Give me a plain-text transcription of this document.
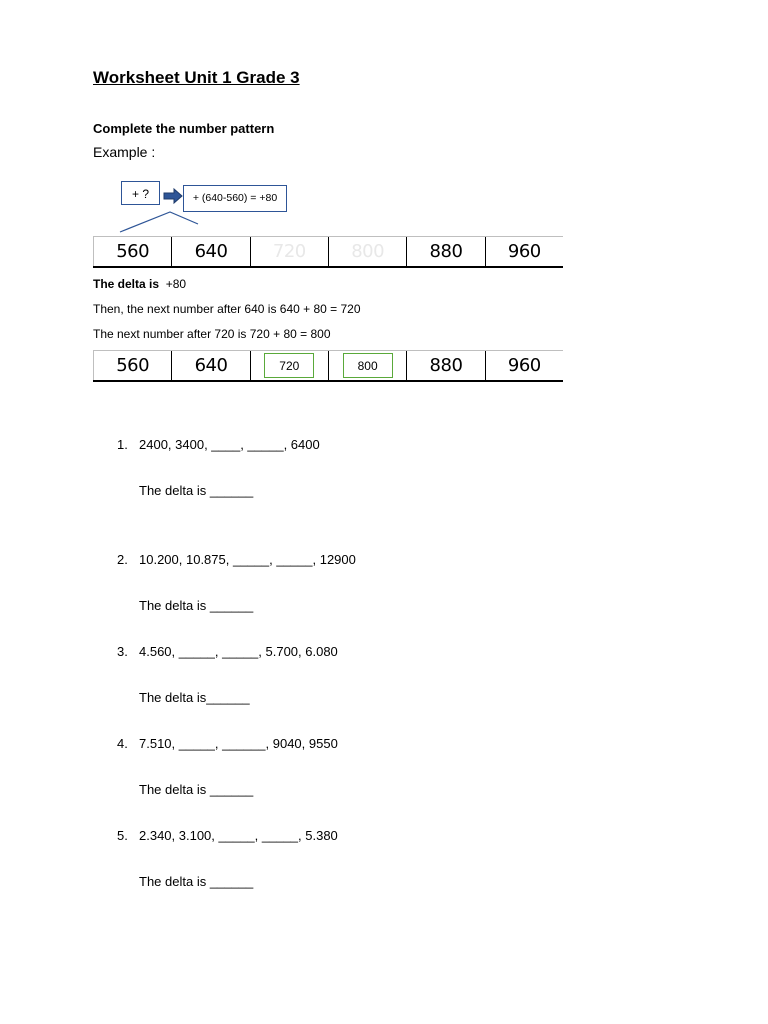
Worksheet Unit 1 Grade 3
Complete the number pattern
Example :
+ ?	+ (640-560) = +80
560	640	720	800	880	960
The delta is +80
Then, the next number after 640 is 640 + 80 = 720
The next number after 720 is 720 + 80 = 800
560	640	720	800	880	960
1. 2400, 3400, ____, _____, 6400
The delta is ______
2. 10.200, 10.875, _____, _____, 12900
The delta is ______
3. 4.560, _____, _____, 5.700, 6.080
The delta is______
4. 7.510, _____, ______, 9040, 9550
The delta is ______
5. 2.340, 3.100, _____, _____, 5.380
The delta is ______
